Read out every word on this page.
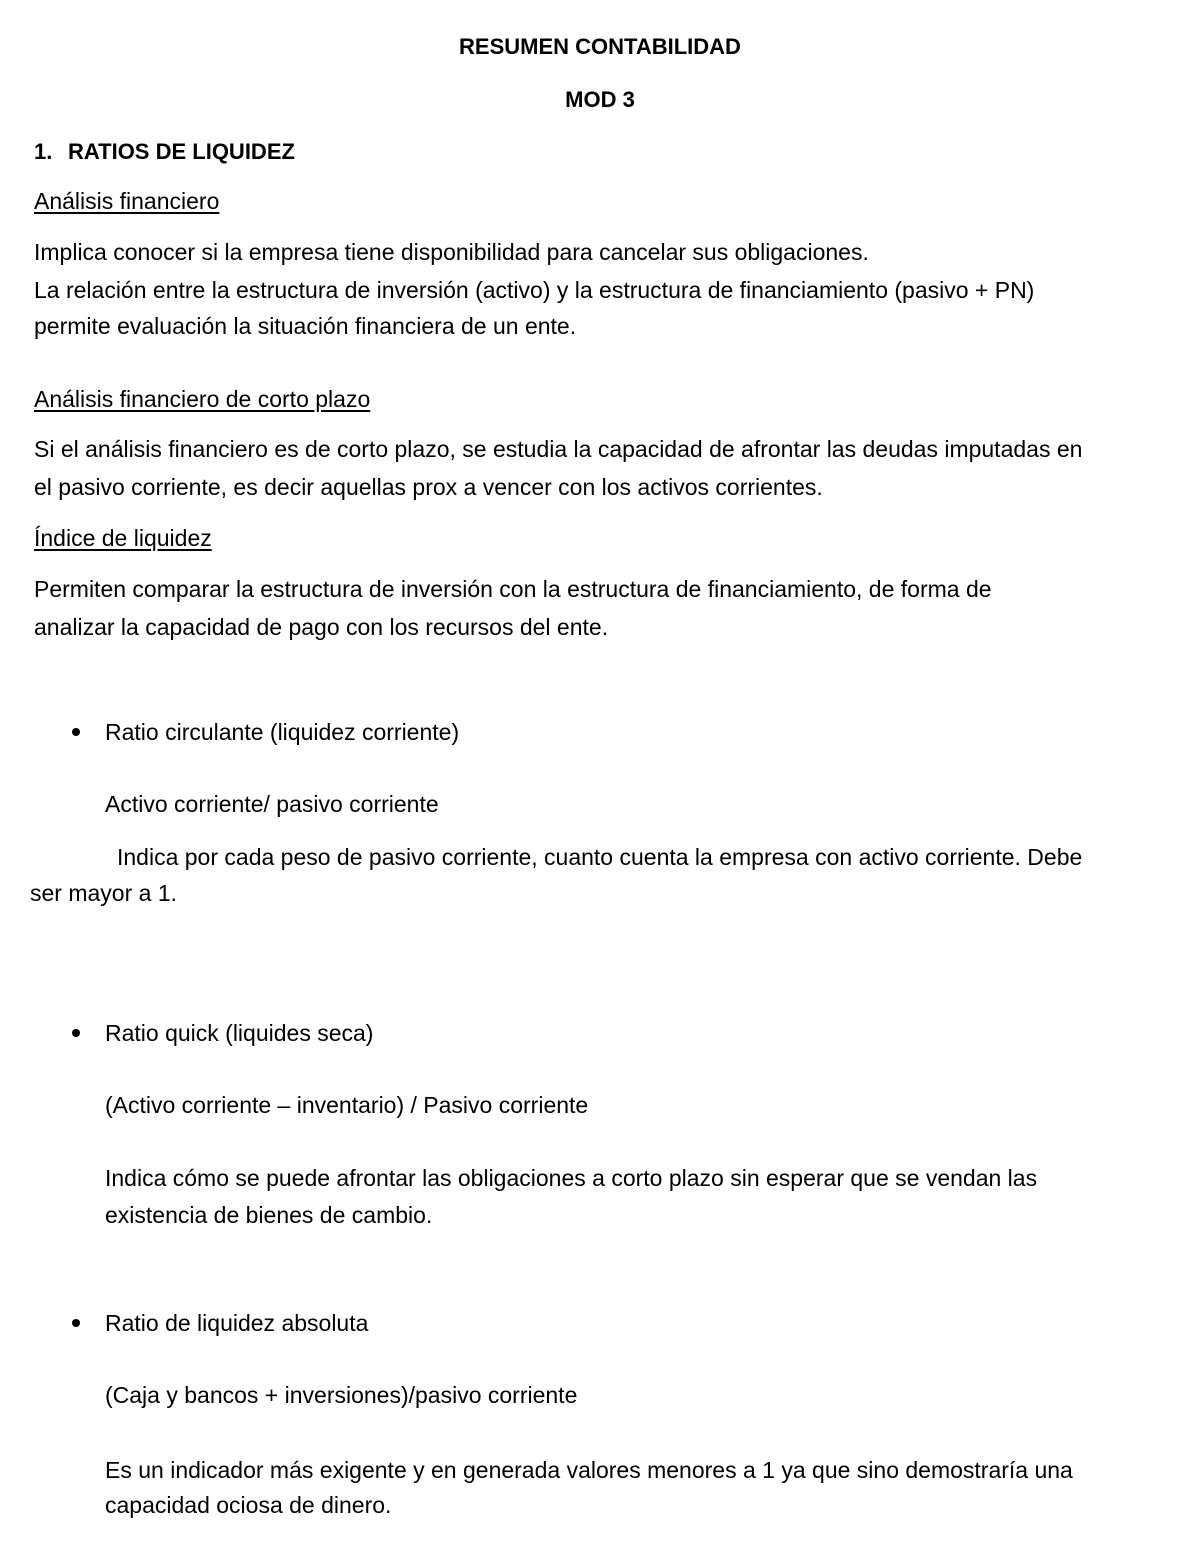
RESUMEN CONTABILIDAD
MOD 3
1. RATIOS DE LIQUIDEZ
Análisis financiero
Implica conocer si la empresa tiene disponibilidad para cancelar sus obligaciones.
La relación entre la estructura de inversión (activo) y la estructura de financiamiento (pasivo + PN)
permite evaluación la situación financiera de un ente.
Análisis financiero de corto plazo
Si el análisis financiero es de corto plazo, se estudia la capacidad de afrontar las deudas imputadas en
el pasivo corriente, es decir aquellas prox a vencer con los activos corrientes.
Índice de liquidez
Permiten comparar la estructura de inversión con la estructura de financiamiento, de forma de
analizar la capacidad de pago con los recursos del ente.
Ratio circulante (liquidez corriente)
Activo corriente/ pasivo corriente
Indica por cada peso de pasivo corriente, cuanto cuenta la empresa con activo corriente. Debe
ser mayor a 1.
Ratio quick (liquides seca)
(Activo corriente – inventario) / Pasivo corriente
Indica cómo se puede afrontar las obligaciones a corto plazo sin esperar que se vendan las
existencia de bienes de cambio.
Ratio de liquidez absoluta
(Caja y bancos + inversiones)/pasivo corriente
Es un indicador más exigente y en generada valores menores a 1 ya que sino demostraría una
capacidad ociosa de dinero.
